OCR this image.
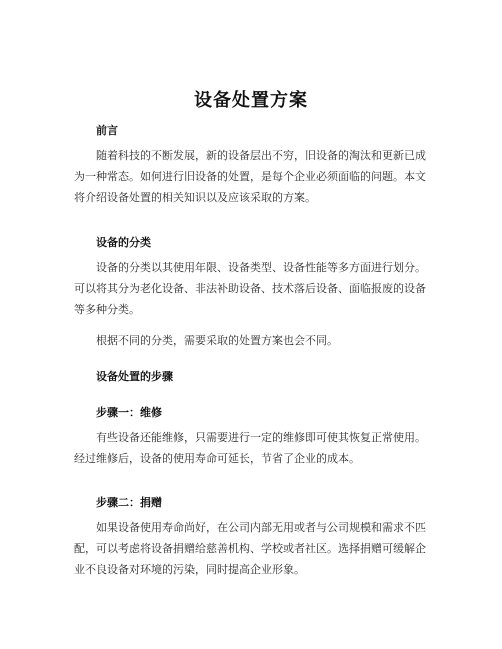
设备处置方案
前言
随着科技的不断发展，新的设备层出不穷，旧设备的淘汰和更新已成为一种常态。如何进行旧设备的处置，是每个企业必须面临的问题。本文将介绍设备处置的相关知识以及应该采取的方案。
设备的分类
设备的分类以其使用年限、设备类型、设备性能等多方面进行划分。可以将其分为老化设备、非法补助设备、技术落后设备、面临报废的设备等多种分类。
根据不同的分类，需要采取的处置方案也会不同。
设备处置的步骤
步骤一：维修
有些设备还能维修，只需要进行一定的维修即可使其恢复正常使用。经过维修后，设备的使用寿命可延长，节省了企业的成本。
步骤二：捐赠
如果设备使用寿命尚好，在公司内部无用或者与公司规模和需求不匹配，可以考虑将设备捐赠给慈善机构、学校或者社区。选择捐赠可缓解企业不良设备对环境的污染，同时提高企业形象。
